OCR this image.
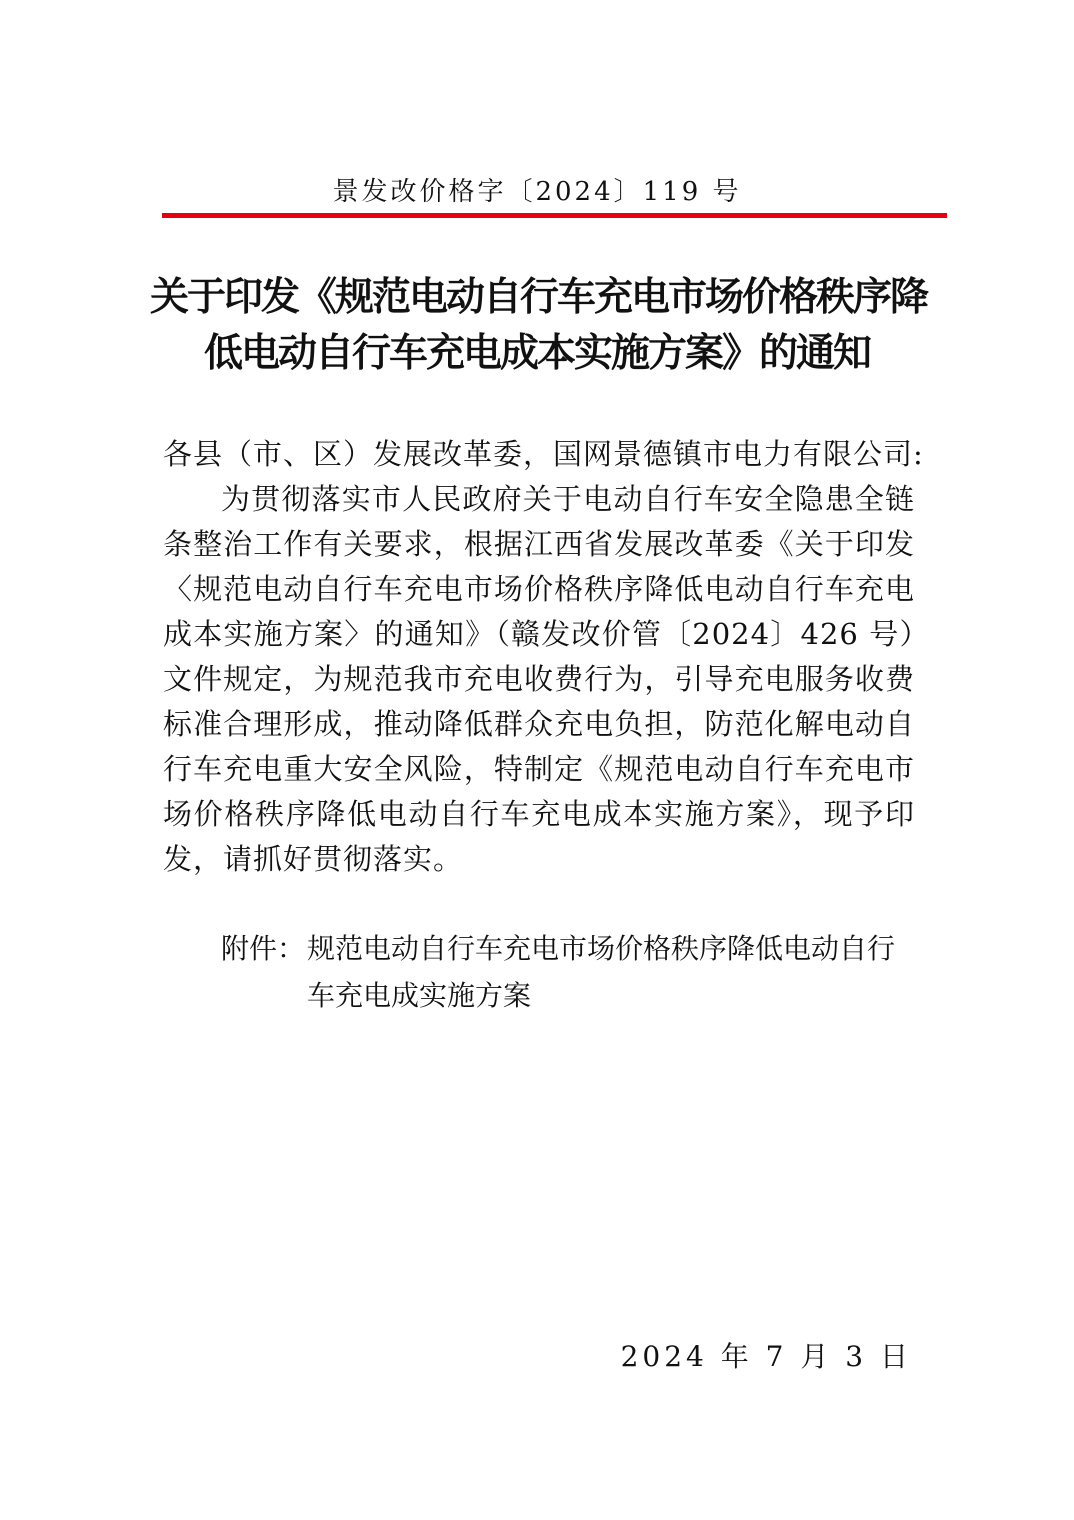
景发改价格字〔2024〕119 号
关于印发《规范电动自行车充电市场价格秩序降
低电动自行车充电成本实施方案》的通知

各县（市、区）发展改革委，国网景德镇市电力有限公司:

为贯彻落实市人民政府关于电动自行车安全隐患全链条整治工作有关要求，根据江西省发展改革委《关于印发〈规范电动自行车充电市场价格秩序降低电动自行车充电成本实施方案〉的通知》（赣发改价管〔2024〕426 号）文件规定，为规范我市充电收费行为，引导充电服务收费标准合理形成，推动降低群众充电负担，防范化解电动自行车充电重大安全风险，特制定《规范电动自行车充电市场价格秩序降低电动自行车充电成本实施方案》，现予印发，请抓好贯彻落实。

附件： 规范电动自行车充电市场价格秩序降低电动自行车充电成实施方案
2024 年 7 月 3 日
